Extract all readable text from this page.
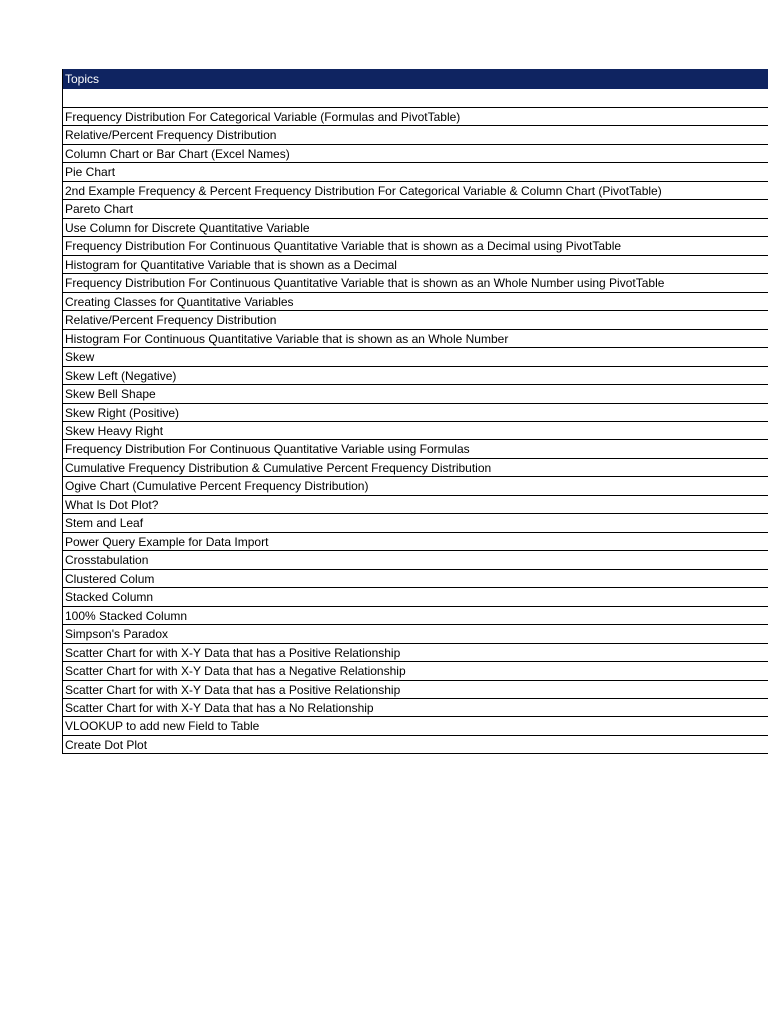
Topics
Frequency Distribution For Categorical Variable (Formulas and PivotTable)
Relative/Percent Frequency Distribution
Column Chart or Bar Chart (Excel Names)
Pie Chart
2nd Example Frequency & Percent Frequency Distribution For Categorical Variable & Column Chart (PivotTable)
Pareto Chart
Use Column for Discrete Quantitative Variable
Frequency Distribution For Continuous Quantitative Variable that is shown as a Decimal using PivotTable
Histogram for Quantitative Variable that is shown as a Decimal
Frequency Distribution For Continuous Quantitative Variable that is shown as an Whole Number using PivotTable
Creating Classes for Quantitative Variables
Relative/Percent Frequency Distribution
Histogram For Continuous Quantitative Variable that is shown as an Whole Number
Skew
Skew Left (Negative)
Skew Bell Shape
Skew Right (Positive)
Skew Heavy Right
Frequency Distribution For Continuous Quantitative Variable using Formulas
Cumulative Frequency Distribution & Cumulative Percent Frequency Distribution
Ogive Chart (Cumulative Percent Frequency Distribution)
What Is Dot Plot?
Stem and Leaf
Power Query Example for Data Import
Crosstabulation
Clustered Colum
Stacked Column
100% Stacked Column
Simpson's Paradox
Scatter Chart for with X-Y Data that has a Positive Relationship
Scatter Chart for with X-Y Data that has a Negative Relationship
Scatter Chart for with X-Y Data that has a Positive Relationship
Scatter Chart for with X-Y Data that has a No Relationship
VLOOKUP to add new Field to Table
Create Dot Plot
